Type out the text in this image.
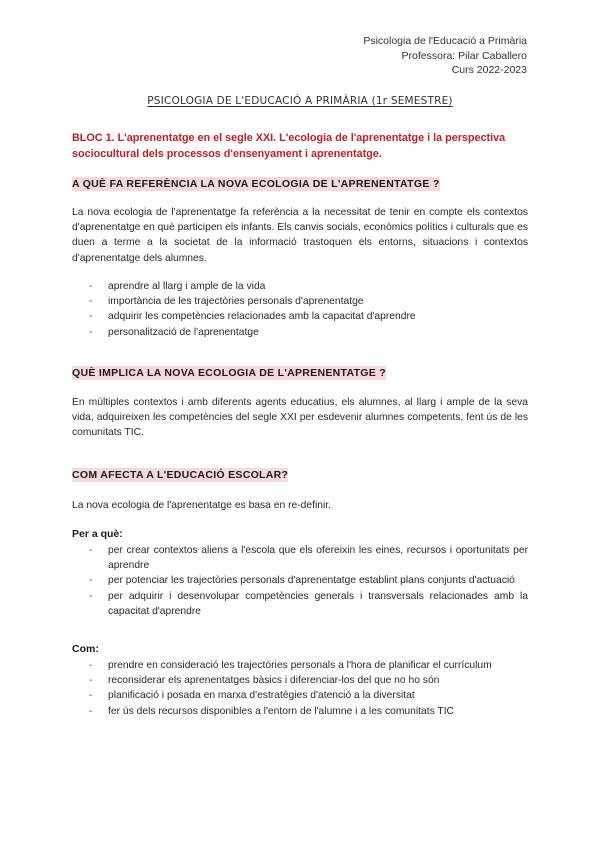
Psicologia de l'Educació a Primària
Professora: Pilar Caballero
Curs 2022-2023
PSICOLOGIA DE L'EDUCACIÓ A PRIMÀRIA (1r SEMESTRE)
BLOC 1. L'aprenentatge en el segle XXI. L'ecologia de l'aprenentatge i la perspectiva sociocultural dels processos d'ensenyament i aprenentatge.
A QUÈ FA REFERÈNCIA LA NOVA ECOLOGIA DE L'APRENENTATGE ?
La nova ecologia de l'aprenentatge fa referència a la necessitat de tenir en compte els contextos d'aprenentatge en què participen els infants. Els canvis socials, econòmics polítics i culturals que es duen a terme a la societat de la informació trastoquen els entorns, situacions i contextos d'aprenentatge dels alumnes.
- aprendre al llarg i ample de la vida
- importància de les trajectòries personals d'aprenentatge
- adquirir les competències relacionades amb la capacitat d'aprendre
- personalització de l'aprenentatge
QUÈ IMPLICA LA NOVA ECOLOGIA DE L'APRENENTATGE ?
En múltiples contextos i amb diferents agents educatius, els alumnes, al llarg i ample de la seva vida, adquireixen les competències del segle XXI per esdevenir alumnes competents, fent ús de les comunitats TIC.
COM AFECTA A L'EDUCACIÓ ESCOLAR?
La nova ecologia de l'aprenentatge es basa en re-definir.
Per a què:
- per crear contextos aliens a l'escola que els ofereixin les eines, recursos i oportunitats per aprendre
- per potenciar les trajectòries personals d'aprenentatge establint plans conjunts d'actuació
- per adquirir i desenvolupar competències generals i transversals relacionades amb la capacitat d'aprendre
Com:
- prendre en consideració les trajectòries personals a l'hora de planificar el currículum
- reconsiderar els aprenentatges bàsics i diferenciar-los del que no ho són
- planificació i posada en marxa d'estratègies d'atenció a la diversitat
- fer ús dels recursos disponibles a l'entorn de l'alumne i a les comunitats TIC
